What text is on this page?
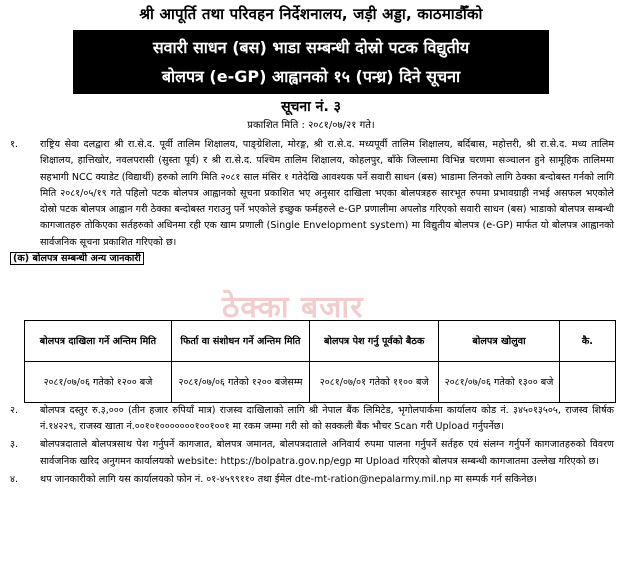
श्री आपूर्ति तथा परिवहन निर्देशनालय, जड़ी अड्डा, काठमाडौँको
सवारी साधन (बस) भाडा सम्बन्धी दोस्रो पटक विद्युतीय
बोलपत्र (e-GP) आह्वानको १५ (पन्ध्र) दिने सूचना
सूचना नं. ३
प्रकाशित मिति : २०८१/०७/२१ गते।
१. राष्ट्रिय सेवा दलद्वारा श्री रा.से.द. पूर्वी तालिम शिक्षालय, पाङ्ग्रेशिला, मोरङ्ग, श्री रा.से.द. मध्यपूर्वी तालिम शिक्षालय, बर्दिबास, महोत्तरी, श्री रा.से.द. मध्य तालिम शिक्षालय, हात्तिखोर, नवलपरासी (सुस्ता पूर्व) र श्री रा.से.द. पश्चिम तालिम शिक्षालय, कोहलपुर, बाँके जिल्लामा विभिन्न चरणमा सञ्चालन हुने सामूहिक तालिममा सहभागी NCC क्याडेट (विद्यार्थी) हरुको लागि मिति २०८१ साल मंसिर १ गतेदेखि आवश्यक पर्ने सवारी साधन (बस) भाडामा लिनको लागि ठेक्का बन्दोबस्त गर्नको लागि मिति २०८१/०५/१९ गते पहिलो पटक बोलपत्र आह्वानको सूचना प्रकाशित भए अनुसार दाखिला भएका बोलपत्रहरु सारभूत रुपमा प्रभावग्राही नभई असफल भएकोले दोस्रो पटक बोलपत्र आह्वान गरी ठेक्का बन्दोबस्त गराउनु पर्ने भएकोले इच्छुक फर्महरुले e-GP प्रणालीमा अपलोड गरिएको सवारी साधन (बस) भाडाको बोलपत्र सम्बन्धी कागजातहरु तोकिएका सर्तहरुको अधिनमा रही एक खाम प्रणाली (Single Envelopment system) मा विद्युतीय बोलपत्र (e-GP) मार्फत यो बोलपत्र आह्वानको सार्वजनिक सूचना प्रकाशित गरिएको छ।
(क) बोलपत्र सम्बन्धी अन्य जानकारी
ठेक्का बजार
बोलपत्र दाखिला गर्ने अन्तिम मिति	फिर्ता वा संशोधन गर्ने अन्तिम मिति	बोलपत्र पेश गर्नु पूर्वको बैठक	बोलपत्र खोलुवा	कै.
२०८१/०७/०६ गतेको १२०० बजे	२०८१/०७/०६ गतेको १२०० बजेसम्म	२०८१/०७/०१ गतेको ११०० बजे	२०८१/०७/०६ गतेको १३०० बजे	
२. बोलपत्र दस्तुर रु.३,००० (तीन हजार रुपियाँ मात्र) राजस्व दाखिलाको लागि श्री नेपाल बैंक लिमिटेड, भृगोलपार्कमा कार्यालय कोड नं. ३४५०१३५०५, राजस्व शिर्षक नं.१४२२९, राजस्व खाता नं.००१०१०००००००१००१००१ मा रकम जम्मा गरी सो को सक्कली बैंक भौचर Scan गरी Upload गर्नुपर्नेछ।
३. बोलपत्रदाताले बोलपत्रसाथ पेश गर्नुपर्ने कागजात, बोलपत्र जमानत, बोलपत्रदाताले अनिवार्य रुपमा पालना गर्नुपर्ने सर्तहरु एवं संलग्न गर्नुपर्ने कागजातहरुको विवरण सार्वजनिक खरिद अनुगमन कार्यालयको website: https://bolpatra.gov.np/egp मा Upload गरिएको बोलपत्र सम्बन्धी कागजातमा उल्लेख गरिएको छ।
४. थप जानकारीको लागि यस कार्यालयको फोन नं. ०१-४५९९११० तथा ईमेल dte-mt-ration@nepalarmy.mil.np मा सम्पर्क गर्न सकिनेछ।
